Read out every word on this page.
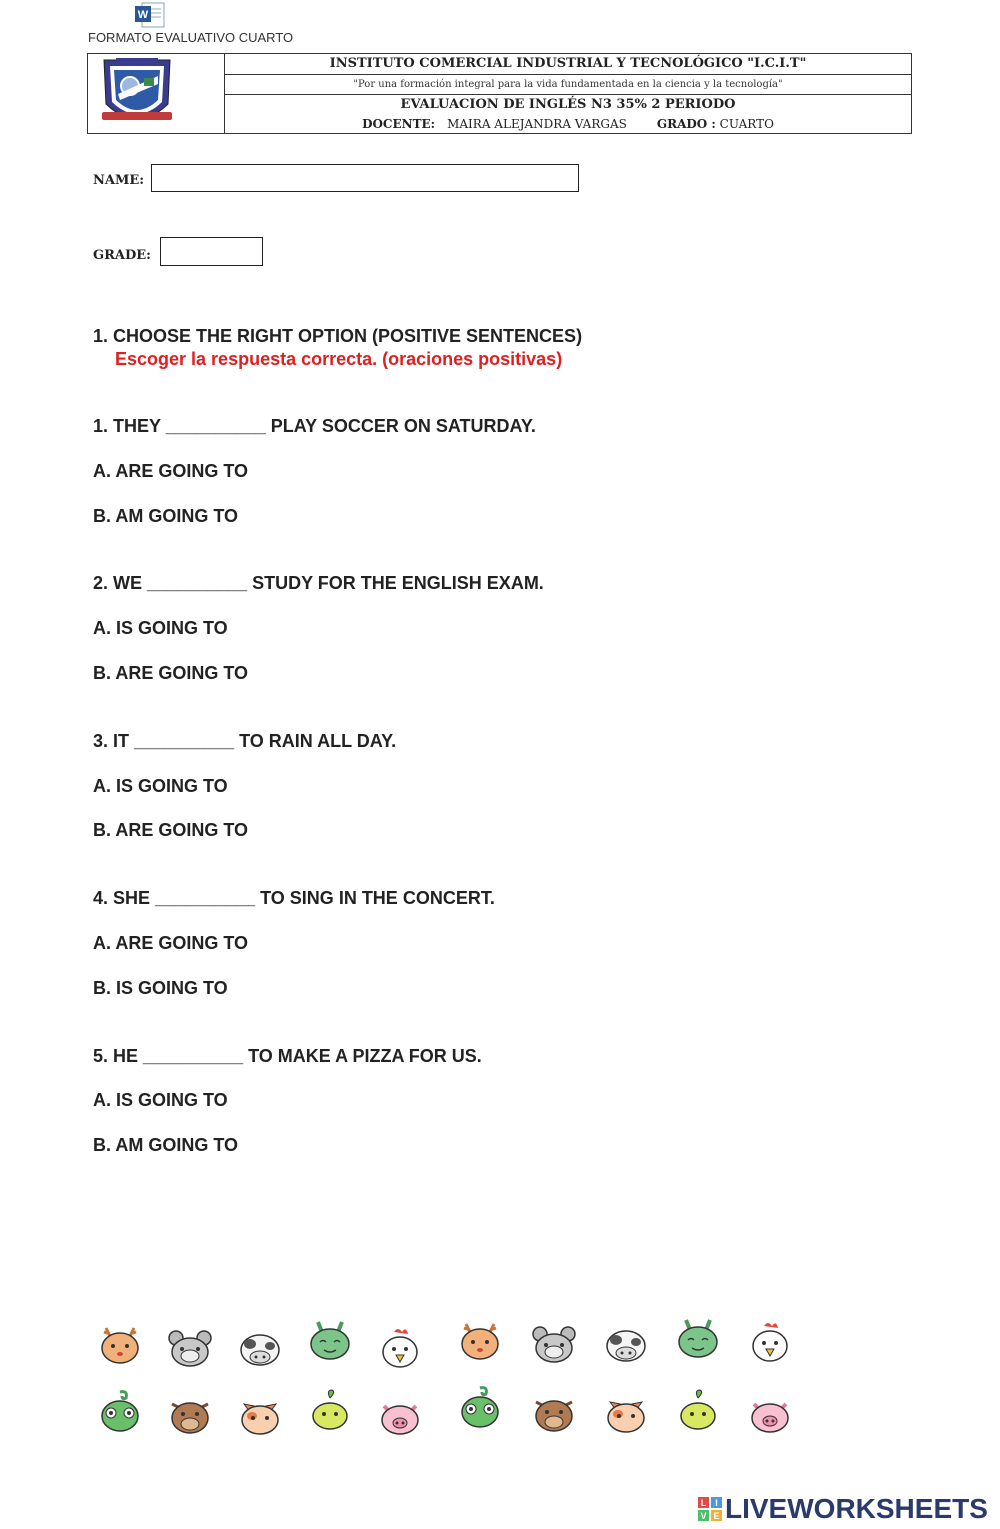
W
FORMATO EVALUATIVO CUARTO
INSTITUTO COMERCIAL INDUSTRIAL Y TECNOLÓGICO "I.C.I.T"
"Por una formación integral para la vida fundamentada en la ciencia y la tecnología"
EVALUACION DE INGLÉS N3 35% 2 PERIODO
DOCENTE: MAIRA ALEJANDRA VARGAS	GRADO : CUARTO
NAME:
GRADE:
1. CHOOSE THE RIGHT OPTION (POSITIVE SENTENCES)
Escoger la respuesta correcta. (oraciones positivas)
1. THEY __________ PLAY SOCCER ON SATURDAY.
A. ARE GOING TO
B. AM GOING TO
2. WE __________ STUDY FOR THE ENGLISH EXAM.
A. IS GOING TO
B. ARE GOING TO
3. IT __________ TO RAIN ALL DAY.
A. IS GOING TO
B. ARE GOING TO
4. SHE __________ TO SING IN THE CONCERT.
A. ARE GOING TO
B. IS GOING TO
5. HE __________ TO MAKE A PIZZA FOR US.
A. IS GOING TO
B. AM GOING TO
L I
V E LIVEWORKSHEETS
